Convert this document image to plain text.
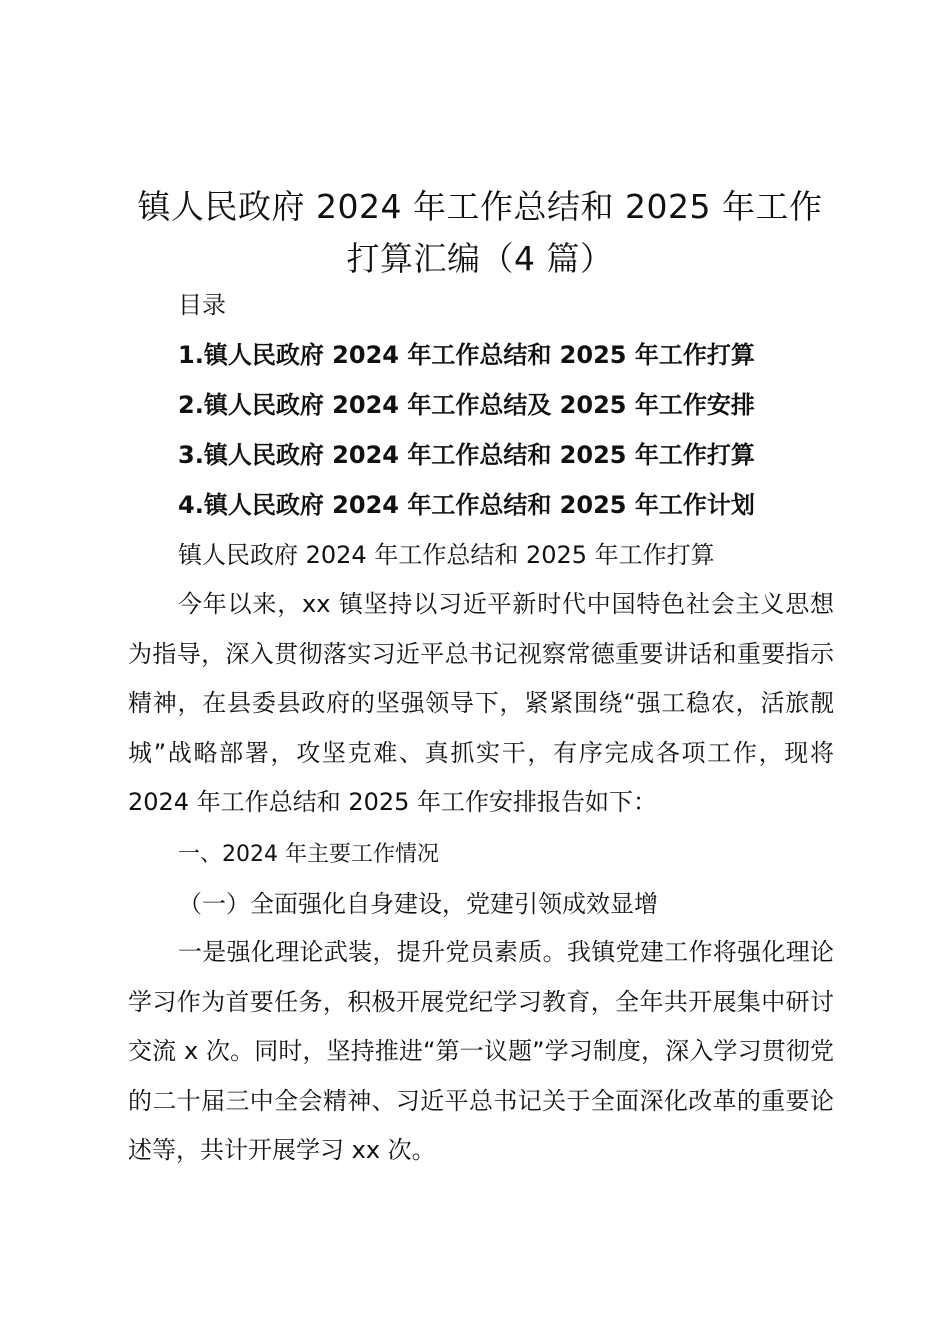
镇人民政府 2024 年工作总结和 2025 年工作
打算汇编（4 篇）

目录

1.镇人民政府 2024 年工作总结和 2025 年工作打算

2.镇人民政府 2024 年工作总结及 2025 年工作安排

3.镇人民政府 2024 年工作总结和 2025 年工作打算

4.镇人民政府 2024 年工作总结和 2025 年工作计划

镇人民政府 2024 年工作总结和 2025 年工作打算

今年以来，xx 镇坚持以习近平新时代中国特色社会主义思想为指导，深入贯彻落实习近平总书记视察常德重要讲话和重要指示精神，在县委县政府的坚强领导下，紧紧围绕“强工稳农，活旅靓城”战略部署，攻坚克难、真抓实干，有序完成各项工作，现将 2024 年工作总结和 2025 年工作安排报告如下：

一、2024 年主要工作情况

（一）全面强化自身建设，党建引领成效显增

一是强化理论武装，提升党员素质。我镇党建工作将强化理论学习作为首要任务，积极开展党纪学习教育，全年共开展集中研讨交流 x 次。同时，坚持推进“第一议题”学习制度，深入学习贯彻党的二十届三中全会精神、习近平总书记关于全面深化改革的重要论述等，共计开展学习 xx 次。
